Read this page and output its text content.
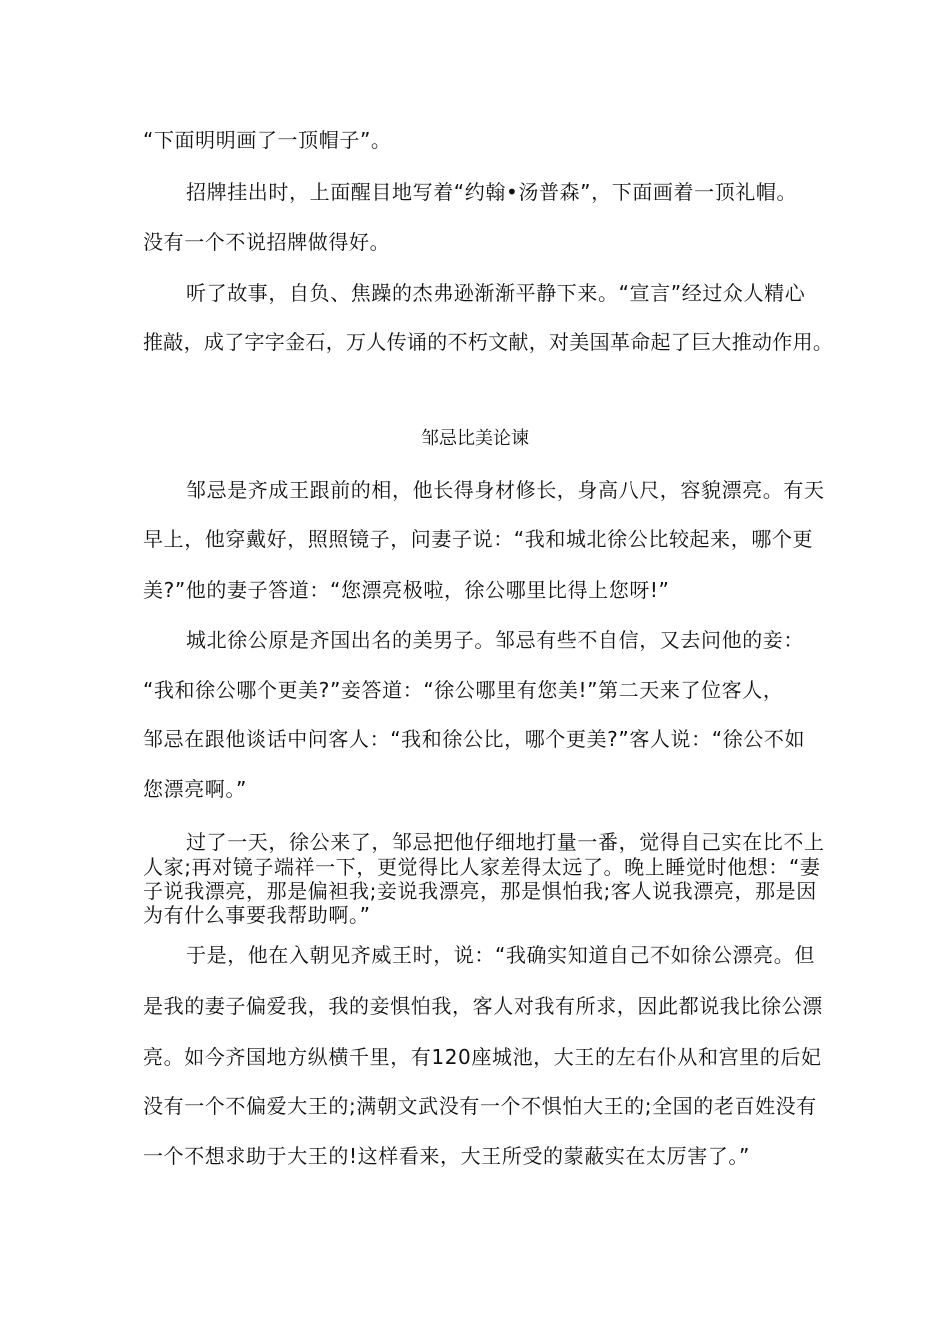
“下面明明画了一顶帽子”。
招牌挂出时，上面醒目地写着“约翰•汤普森”，下面画着一顶礼帽。
没有一个不说招牌做得好。
听了故事，自负、焦躁的杰弗逊渐渐平静下来。“宣言”经过众人精心
推敲，成了字字金石，万人传诵的不朽文献，对美国革命起了巨大推动作用。
邹忌比美论谏
邹忌是齐成王跟前的相，他长得身材修长，身高八尺，容貌漂亮。有天
早上，他穿戴好，照照镜子，问妻子说：“我和城北徐公比较起来，哪个更
美?”他的妻子答道：“您漂亮极啦，徐公哪里比得上您呀!”
城北徐公原是齐国出名的美男子。邹忌有些不自信，又去问他的妾：
“我和徐公哪个更美?”妾答道：“徐公哪里有您美!”第二天来了位客人，
邹忌在跟他谈话中问客人：“我和徐公比，哪个更美?”客人说：“徐公不如
您漂亮啊。”
过了一天，徐公来了，邹忌把他仔细地打量一番，觉得自己实在比不上
人家;再对镜子端祥一下，更觉得比人家差得太远了。晚上睡觉时他想：“妻
子说我漂亮，那是偏袒我;妾说我漂亮，那是惧怕我;客人说我漂亮，那是因
为有什么事要我帮助啊。”
于是，他在入朝见齐威王时，说：“我确实知道自己不如徐公漂亮。但
是我的妻子偏爱我，我的妾惧怕我，客人对我有所求，因此都说我比徐公漂
亮。如今齐国地方纵横千里，有120座城池，大王的左右仆从和宫里的后妃
没有一个不偏爱大王的;满朝文武没有一个不惧怕大王的;全国的老百姓没有
一个不想求助于大王的!这样看来，大王所受的蒙蔽实在太厉害了。”
